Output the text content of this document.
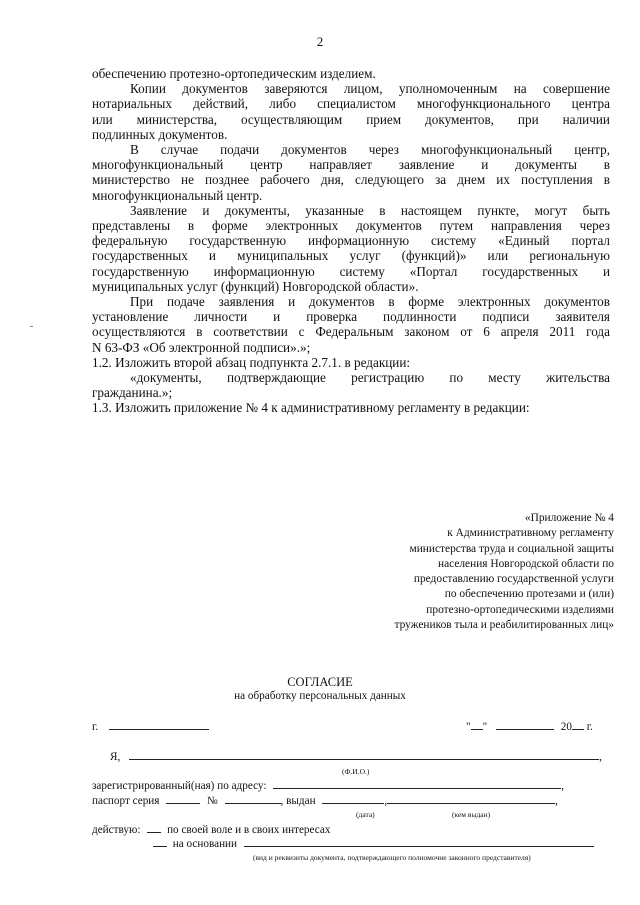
2

обеспечению протезно-ортопедическим изделием.

Копии документов заверяются лицом, уполномоченным на совершение

нотариальных действий, либо специалистом многофункционального центра

или министерства, осуществляющим прием документов, при наличии

подлинных документов.

В случае подачи документов через многофункциональный центр,

многофункциональный центр направляет заявление и документы в

министерство не позднее рабочего дня, следующего за днем их поступления в

многофункциональный центр.

Заявление и документы, указанные в настоящем пункте, могут быть

представлены в форме электронных документов путем направления через

федеральную государственную информационную систему «Единый портал

государственных и муниципальных услуг (функций)» или региональную

государственную информационную систему «Портал государственных и

муниципальных услуг (функций) Новгородской области».

При подаче заявления и документов в форме электронных документов

установление личности и проверка подлинности подписи заявителя

осуществляются в соответствии с Федеральным законом от 6 апреля 2011 года

N 63-ФЗ «Об электронной подписи».»;

1.2. Изложить второй абзац подпункта 2.7.1. в редакции:

«документы, подтверждающие регистрацию по месту жительства

гражданина.»;

1.3. Изложить приложение № 4 к административному регламенту в редакции:

«Приложение № 4
к Административному регламенту
министерства труда и социальной защиты
населения Новгородской области по
предоставлению государственной услуги
по обеспечению протезами и (или)
протезно-ортопедическими изделиями
тружеников тыла и реабилитированных лиц»
СОГЛАСИЕ
на обработку персональных данных
г.	" "	20 г.
Я,	,
(Ф.И.О.)
зарегистрированный(ная) по адресу:	,
паспорт серия	№	, выдан	,	,
(дата)	(кем выдан)
действую: по своей воле и в своих интересах
на основании
(вид и реквизиты документа, подтверждающего полномочие законного представителя)
